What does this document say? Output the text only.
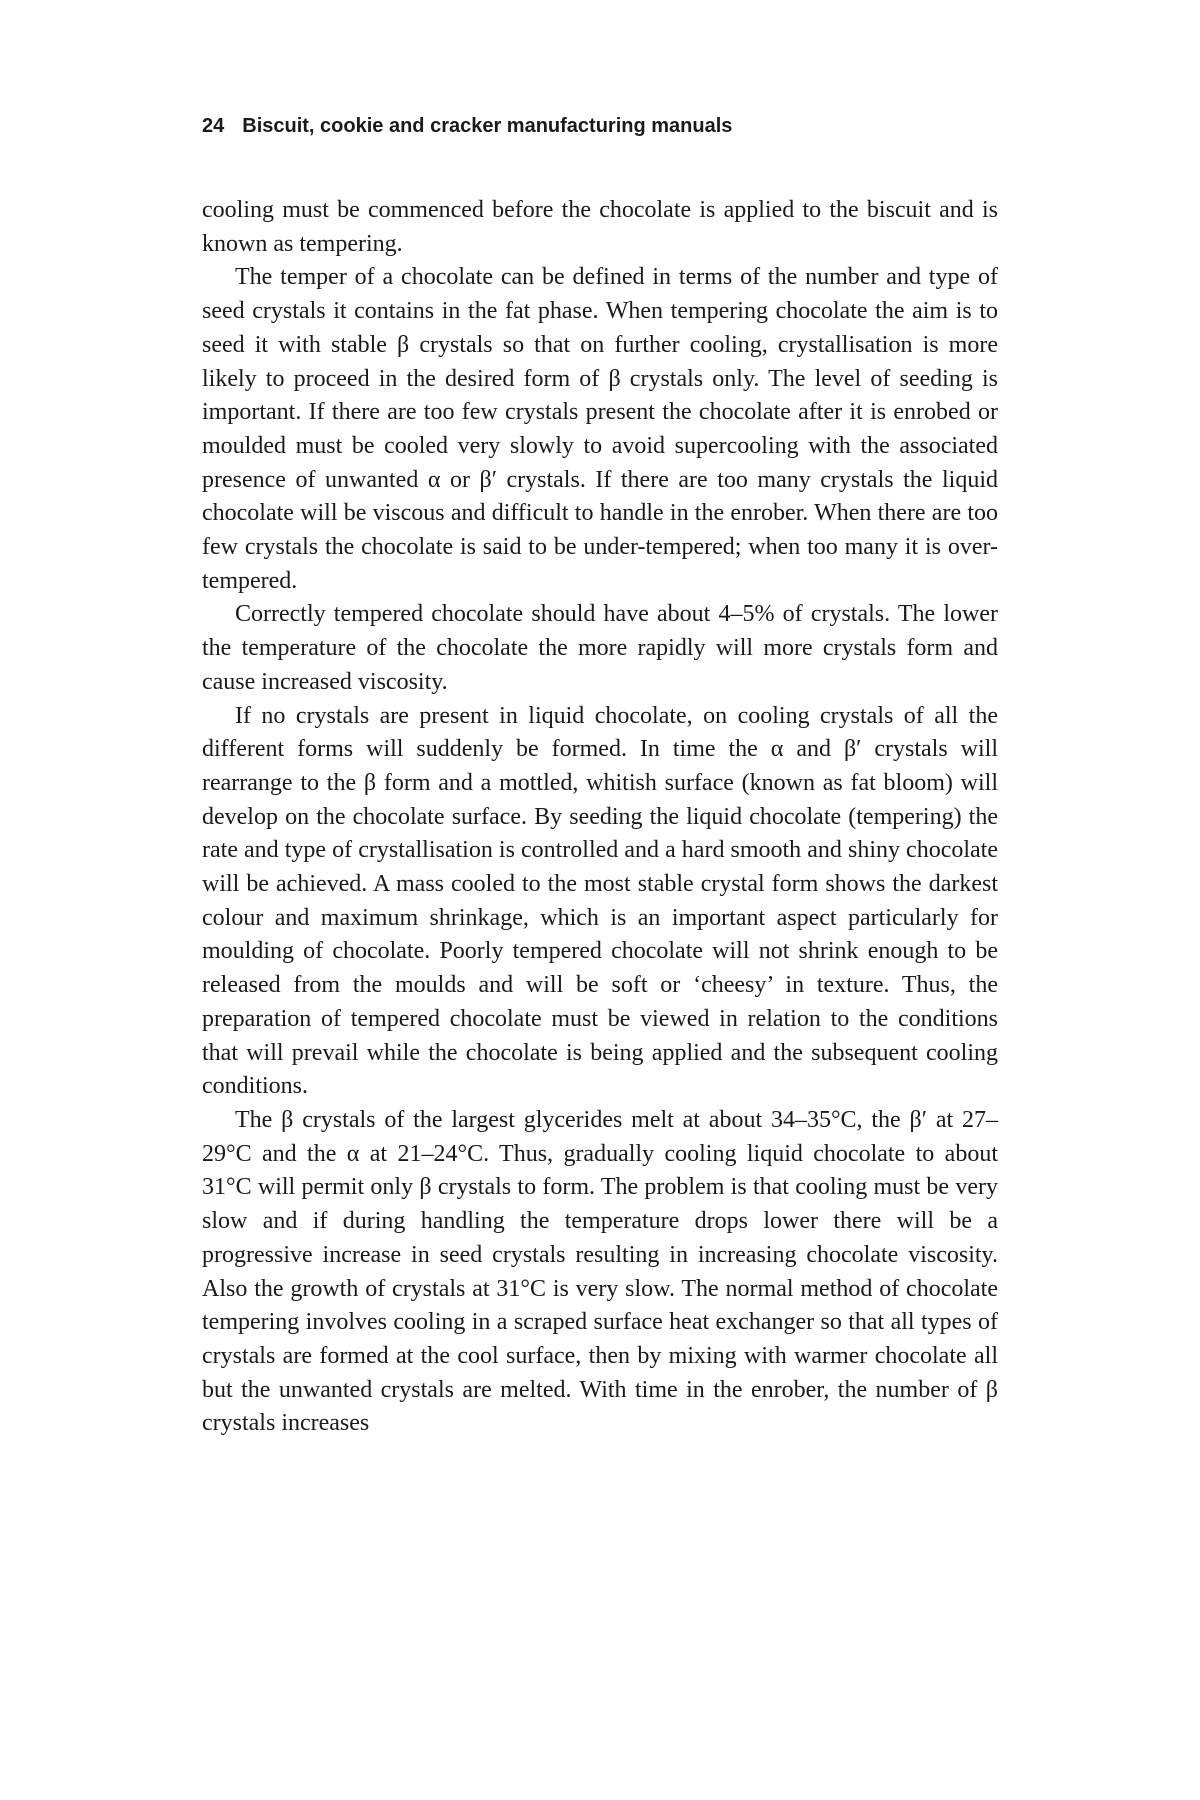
24 Biscuit, cookie and cracker manufacturing manuals

cooling must be commenced before the chocolate is applied to the biscuit and is known as tempering.

The temper of a chocolate can be defined in terms of the number and type of seed crystals it contains in the fat phase. When tempering chocolate the aim is to seed it with stable β crystals so that on further cooling, crystallisation is more likely to proceed in the desired form of β crystals only. The level of seeding is important. If there are too few crystals present the chocolate after it is enrobed or moulded must be cooled very slowly to avoid supercooling with the associated presence of unwanted α or β′ crystals. If there are too many crystals the liquid chocolate will be viscous and difficult to handle in the enrober. When there are too few crystals the chocolate is said to be under-tempered; when too many it is over-tempered.

Correctly tempered chocolate should have about 4–5% of crystals. The lower the temperature of the chocolate the more rapidly will more crystals form and cause increased viscosity.

If no crystals are present in liquid chocolate, on cooling crystals of all the different forms will suddenly be formed. In time the α and β′ crystals will rearrange to the β form and a mottled, whitish surface (known as fat bloom) will develop on the chocolate surface. By seeding the liquid chocolate (tempering) the rate and type of crystallisation is controlled and a hard smooth and shiny chocolate will be achieved. A mass cooled to the most stable crystal form shows the darkest colour and maximum shrinkage, which is an important aspect particularly for moulding of chocolate. Poorly tempered chocolate will not shrink enough to be released from the moulds and will be soft or ‘cheesy’ in texture. Thus, the preparation of tempered chocolate must be viewed in relation to the conditions that will prevail while the chocolate is being applied and the subsequent cooling conditions.

The β crystals of the largest glycerides melt at about 34–35°C, the β′ at 27–29°C and the α at 21–24°C. Thus, gradually cooling liquid chocolate to about 31°C will permit only β crystals to form. The problem is that cooling must be very slow and if during handling the temperature drops lower there will be a progressive increase in seed crystals resulting in increasing chocolate viscosity. Also the growth of crystals at 31°C is very slow. The normal method of chocolate tempering involves cooling in a scraped surface heat exchanger so that all types of crystals are formed at the cool surface, then by mixing with warmer chocolate all but the unwanted crystals are melted. With time in the enrober, the number of β crystals increases
